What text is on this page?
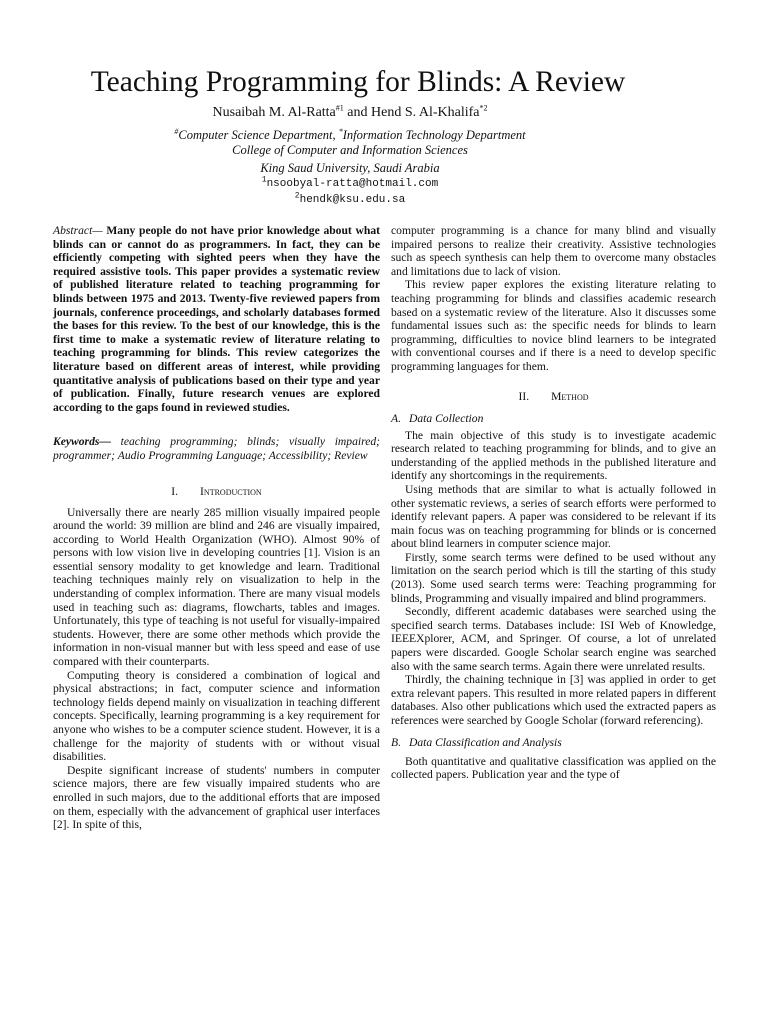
Teaching Programming for Blinds: A Review
Nusaibah M. Al-Ratta$^{\#1}$ and Hend S. Al-Khalifa$^{*2}$
#Computer Science Department, *Information Technology Department
College of Computer and Information Sciences
King Saud University, Saudi Arabia
$^1$nsoobyal-ratta@hotmail.com
$^2$hendk@ksu.edu.sa

Abstract— Many people do not have prior knowledge about what blinds can or cannot do as programmers. In fact, they can be efficiently competing with sighted peers when they have the required assistive tools. This paper provides a systematic review of published literature related to teaching programming for blinds between 1975 and 2013. Twenty-five reviewed papers from journals, conference proceedings, and scholarly databases formed the bases for this review. To the best of our knowledge, this is the first time to make a systematic review of literature relating to teaching programming for blinds. This review categorizes the literature based on different areas of interest, while providing quantitative analysis of publications based on their type and year of publication. Finally, future research venues are explored according to the gaps found in reviewed studies.

Keywords— teaching programming; blinds; visually impaired; programmer; Audio Programming Language; Accessibility; Review

I. Introduction

Universally there are nearly 285 million visually impaired people around the world: 39 million are blind and 246 are visually impaired, according to World Health Organization (WHO). Almost 90% of persons with low vision live in developing countries [1]. Vision is an essential sensory modality to get knowledge and learn. Traditional teaching techniques mainly rely on visualization to help in the understanding of complex information. There are many visual models used in teaching such as: diagrams, flowcharts, tables and images. Unfortunately, this type of teaching is not useful for visually-impaired students. However, there are some other methods which provide the information in non-visual manner but with less speed and ease of use compared with their counterparts.

Computing theory is considered a combination of logical and physical abstractions; in fact, computer science and information technology fields depend mainly on visualization in teaching different concepts. Specifically, learning programming is a key requirement for anyone who wishes to be a computer science student. However, it is a challenge for the majority of students with or without visual disabilities.

Despite significant increase of students' numbers in computer science majors, there are few visually impaired students who are enrolled in such majors, due to the additional efforts that are imposed on them, especially with the advancement of graphical user interfaces [2]. In spite of this,

computer programming is a chance for many blind and visually impaired persons to realize their creativity. Assistive technologies such as speech synthesis can help them to overcome many obstacles and limitations due to lack of vision.

This review paper explores the existing literature relating to teaching programming for blinds and classifies academic research based on a systematic review of the literature. Also it discusses some fundamental issues such as: the specific needs for blinds to learn programming, difficulties to novice blind learners to be integrated with conventional courses and if there is a need to develop specific programming languages for them.

II. Method
A. Data Collection

The main objective of this study is to investigate academic research related to teaching programming for blinds, and to give an understanding of the applied methods in the published literature and identify any shortcomings in the requirements.

Using methods that are similar to what is actually followed in other systematic reviews, a series of search efforts were performed to identify relevant papers. A paper was considered to be relevant if its main focus was on teaching programming for blinds or is concerned about blind learners in computer science major.

Firstly, some search terms were defined to be used without any limitation on the search period which is till the starting of this study (2013). Some used search terms were: Teaching programming for blinds, Programming and visually impaired and blind programmers.

Secondly, different academic databases were searched using the specified search terms. Databases include: ISI Web of Knowledge, IEEEXplorer, ACM, and Springer. Of course, a lot of unrelated papers were discarded. Google Scholar search engine was searched also with the same search terms. Again there were unrelated results.

Thirdly, the chaining technique in [3] was applied in order to get extra relevant papers. This resulted in more related papers in different databases. Also other publications which used the extracted papers as references were searched by Google Scholar (forward referencing).

B. Data Classification and Analysis

Both quantitative and qualitative classification was applied on the collected papers. Publication year and the type of
